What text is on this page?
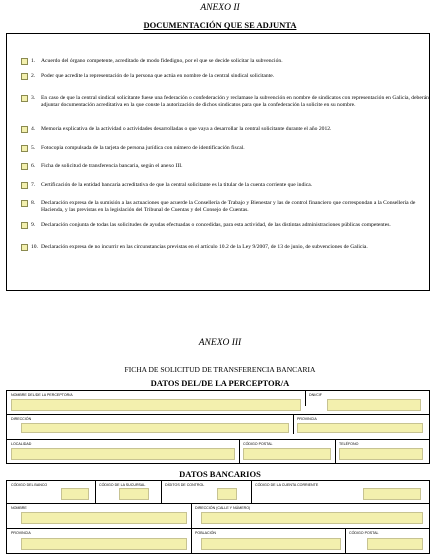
ANEXO II
DOCUMENTACIÓN QUE SE ADJUNTA
1. Acuerdo del órgano competente, acreditado de modo fidedigno, por el que se decide solicitar la subvención.
2. Poder que acredite la representación de la persona que actúa en nombre de la central sindical solicitante.
3. En caso de que la central sindical solicitante fuese una federación o confederación y reclamase la subvención en nombre de sindicatos con representación en Galicia, deberán adjuntar documentación acreditativa en la que conste la autorización de dichos sindicatos para que la confederación la solicite en su nombre.
4. Memoria explicativa de la actividad o actividades desarrolladas o que vaya a desarrollar la central solicitante durante el año 2012.
5. Fotocopia compulsada de la tarjeta de persona jurídica con número de identificación fiscal.
6. Ficha de solicitud de transferencia bancaria, según el anexo III.
7. Certificación de la entidad bancaria acreditativa de que la central solicitante es la titular de la cuenta corriente que indica.
8. Declaración expresa de la sumisión a las actuaciones que acuerde la Consellería de Trabajo y Bienestar y las de control financiero que correspondan a la Consellería de Hacienda, y las previstas en la legislación del Tribunal de Cuentas y del Consejo de Cuentas.
9. Declaración conjunta de todas las solicitudes de ayudas efectuadas o concedidas, para esta actividad, de las distintas administraciones públicas competentes.
10. Declaración expresa de no incurrir en las circunstancias previstas en el artículo 10.2 de la Ley 9/2007, de 13 de junio, de subvenciones de Galicia.
ANEXO III
FICHA DE SOLICITUD DE TRANSFERENCIA BANCARIA
DATOS DEL/DE LA PERCEPTOR/A
NOMBRE DEL/DE LA PERCEPTOR/A	DNI/CIF
DIRECCIÓN	PROVINCIA
LOCALIDAD	CÓDIGO POSTAL	TELÉFONO
DATOS BANCARIOS
CÓDIGO DEL BANCO	CÓDIGO DE LA SUCURSAL	DÍGITOS DE CONTROL	CÓDIGO DE LA CUENTA CORRIENTE
NOMBRE	DIRECCIÓN (CALLE Y NÚMERO)
PROVINCIA	POBLACIÓN	CÓDIGO POSTAL
